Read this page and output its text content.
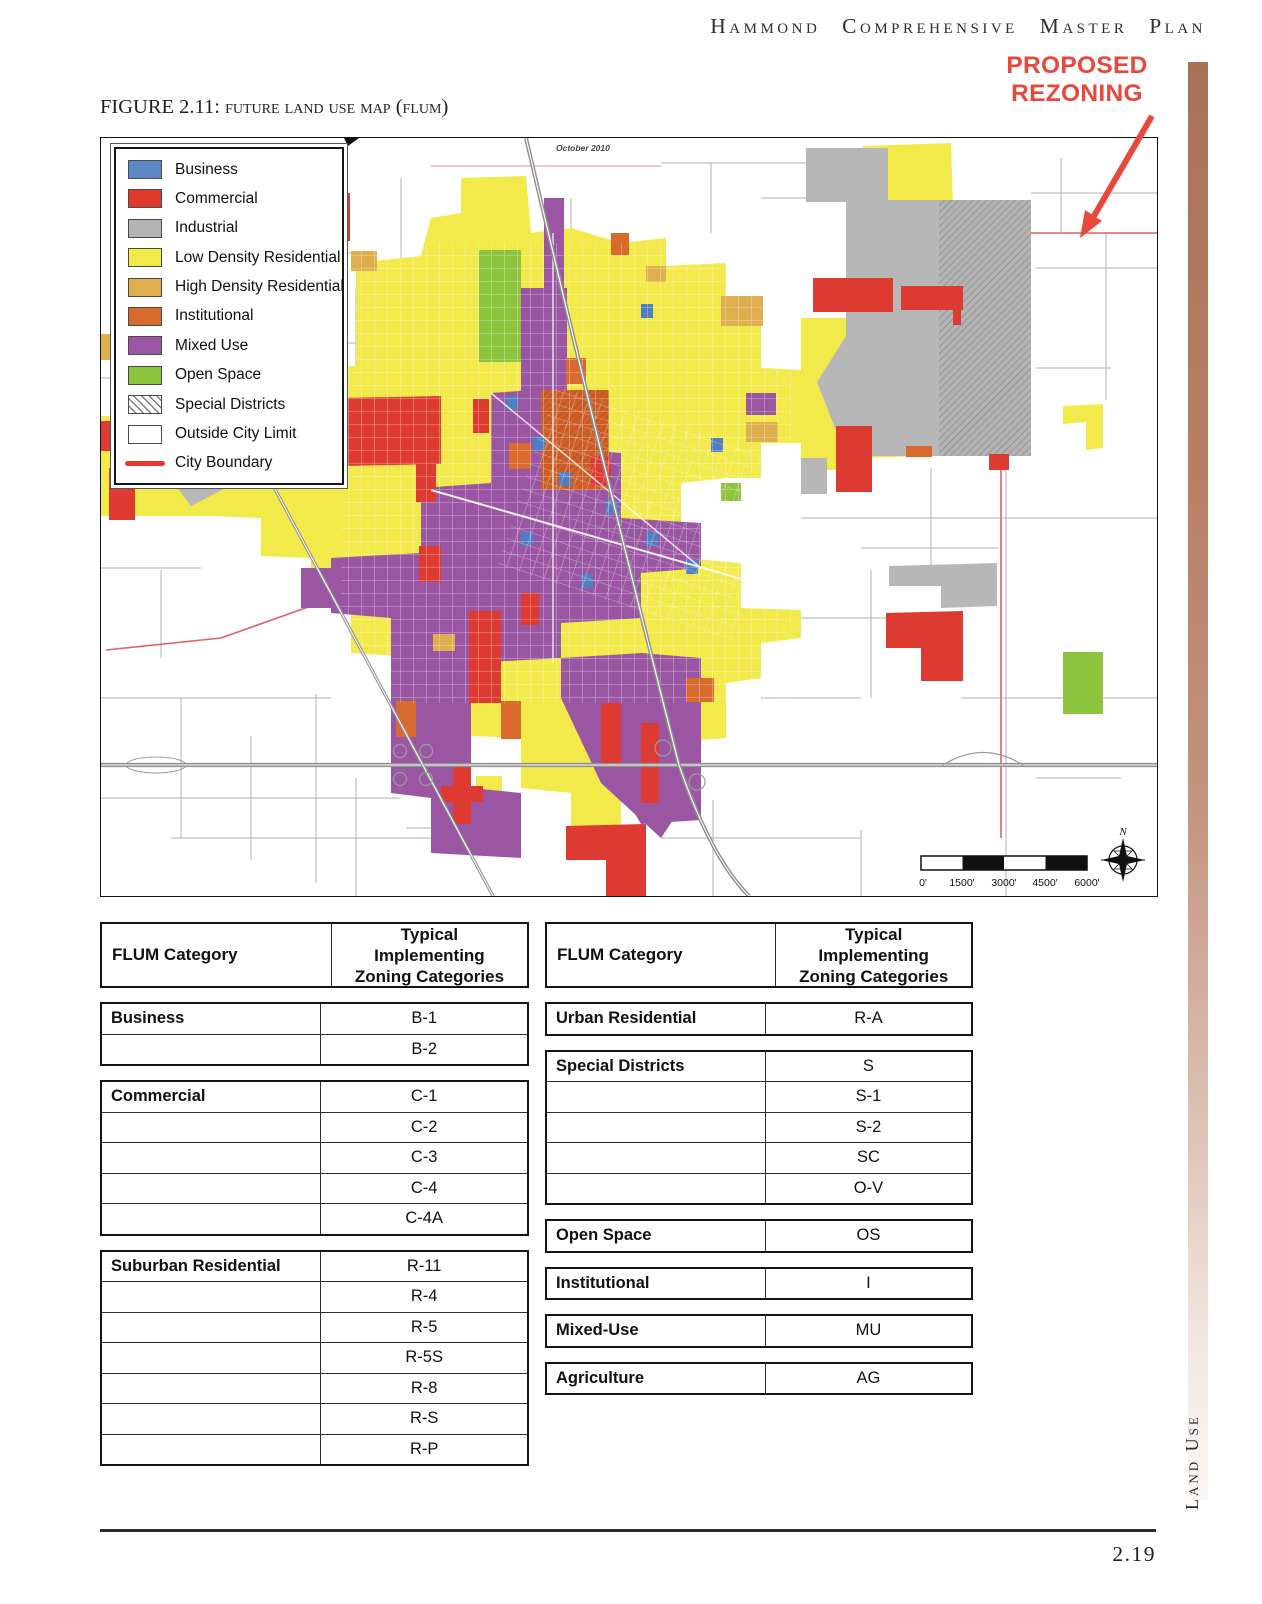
Hammond Comprehensive Master Plan
PROPOSED REZONING
FIGURE 2.11: future land use map (flum)
October 2010
0' 1500' 3000' 4500' 6000'
N
Business
Commercial
Industrial
Low Density Residential
High Density Residential
Institutional
Mixed Use
Open Space
Special Districts
Outside City Limit
City Boundary
FLUM Category
Typical Implementing Zoning Categories
Business	B-1
	B-2
Commercial	C-1
	C-2
	C-3
	C-4
	C-4A
Suburban Residential	R-11
	R-4
	R-5
	R-5S
	R-8
	R-S
	R-P
FLUM Category
Typical Implementing Zoning Categories
Urban Residential	R-A
Special Districts	S
	S-1
	S-2
	SC
	O-V
Open Space	OS
Institutional	I
Mixed-Use	MU
Agriculture	AG
Land Use
2.19
